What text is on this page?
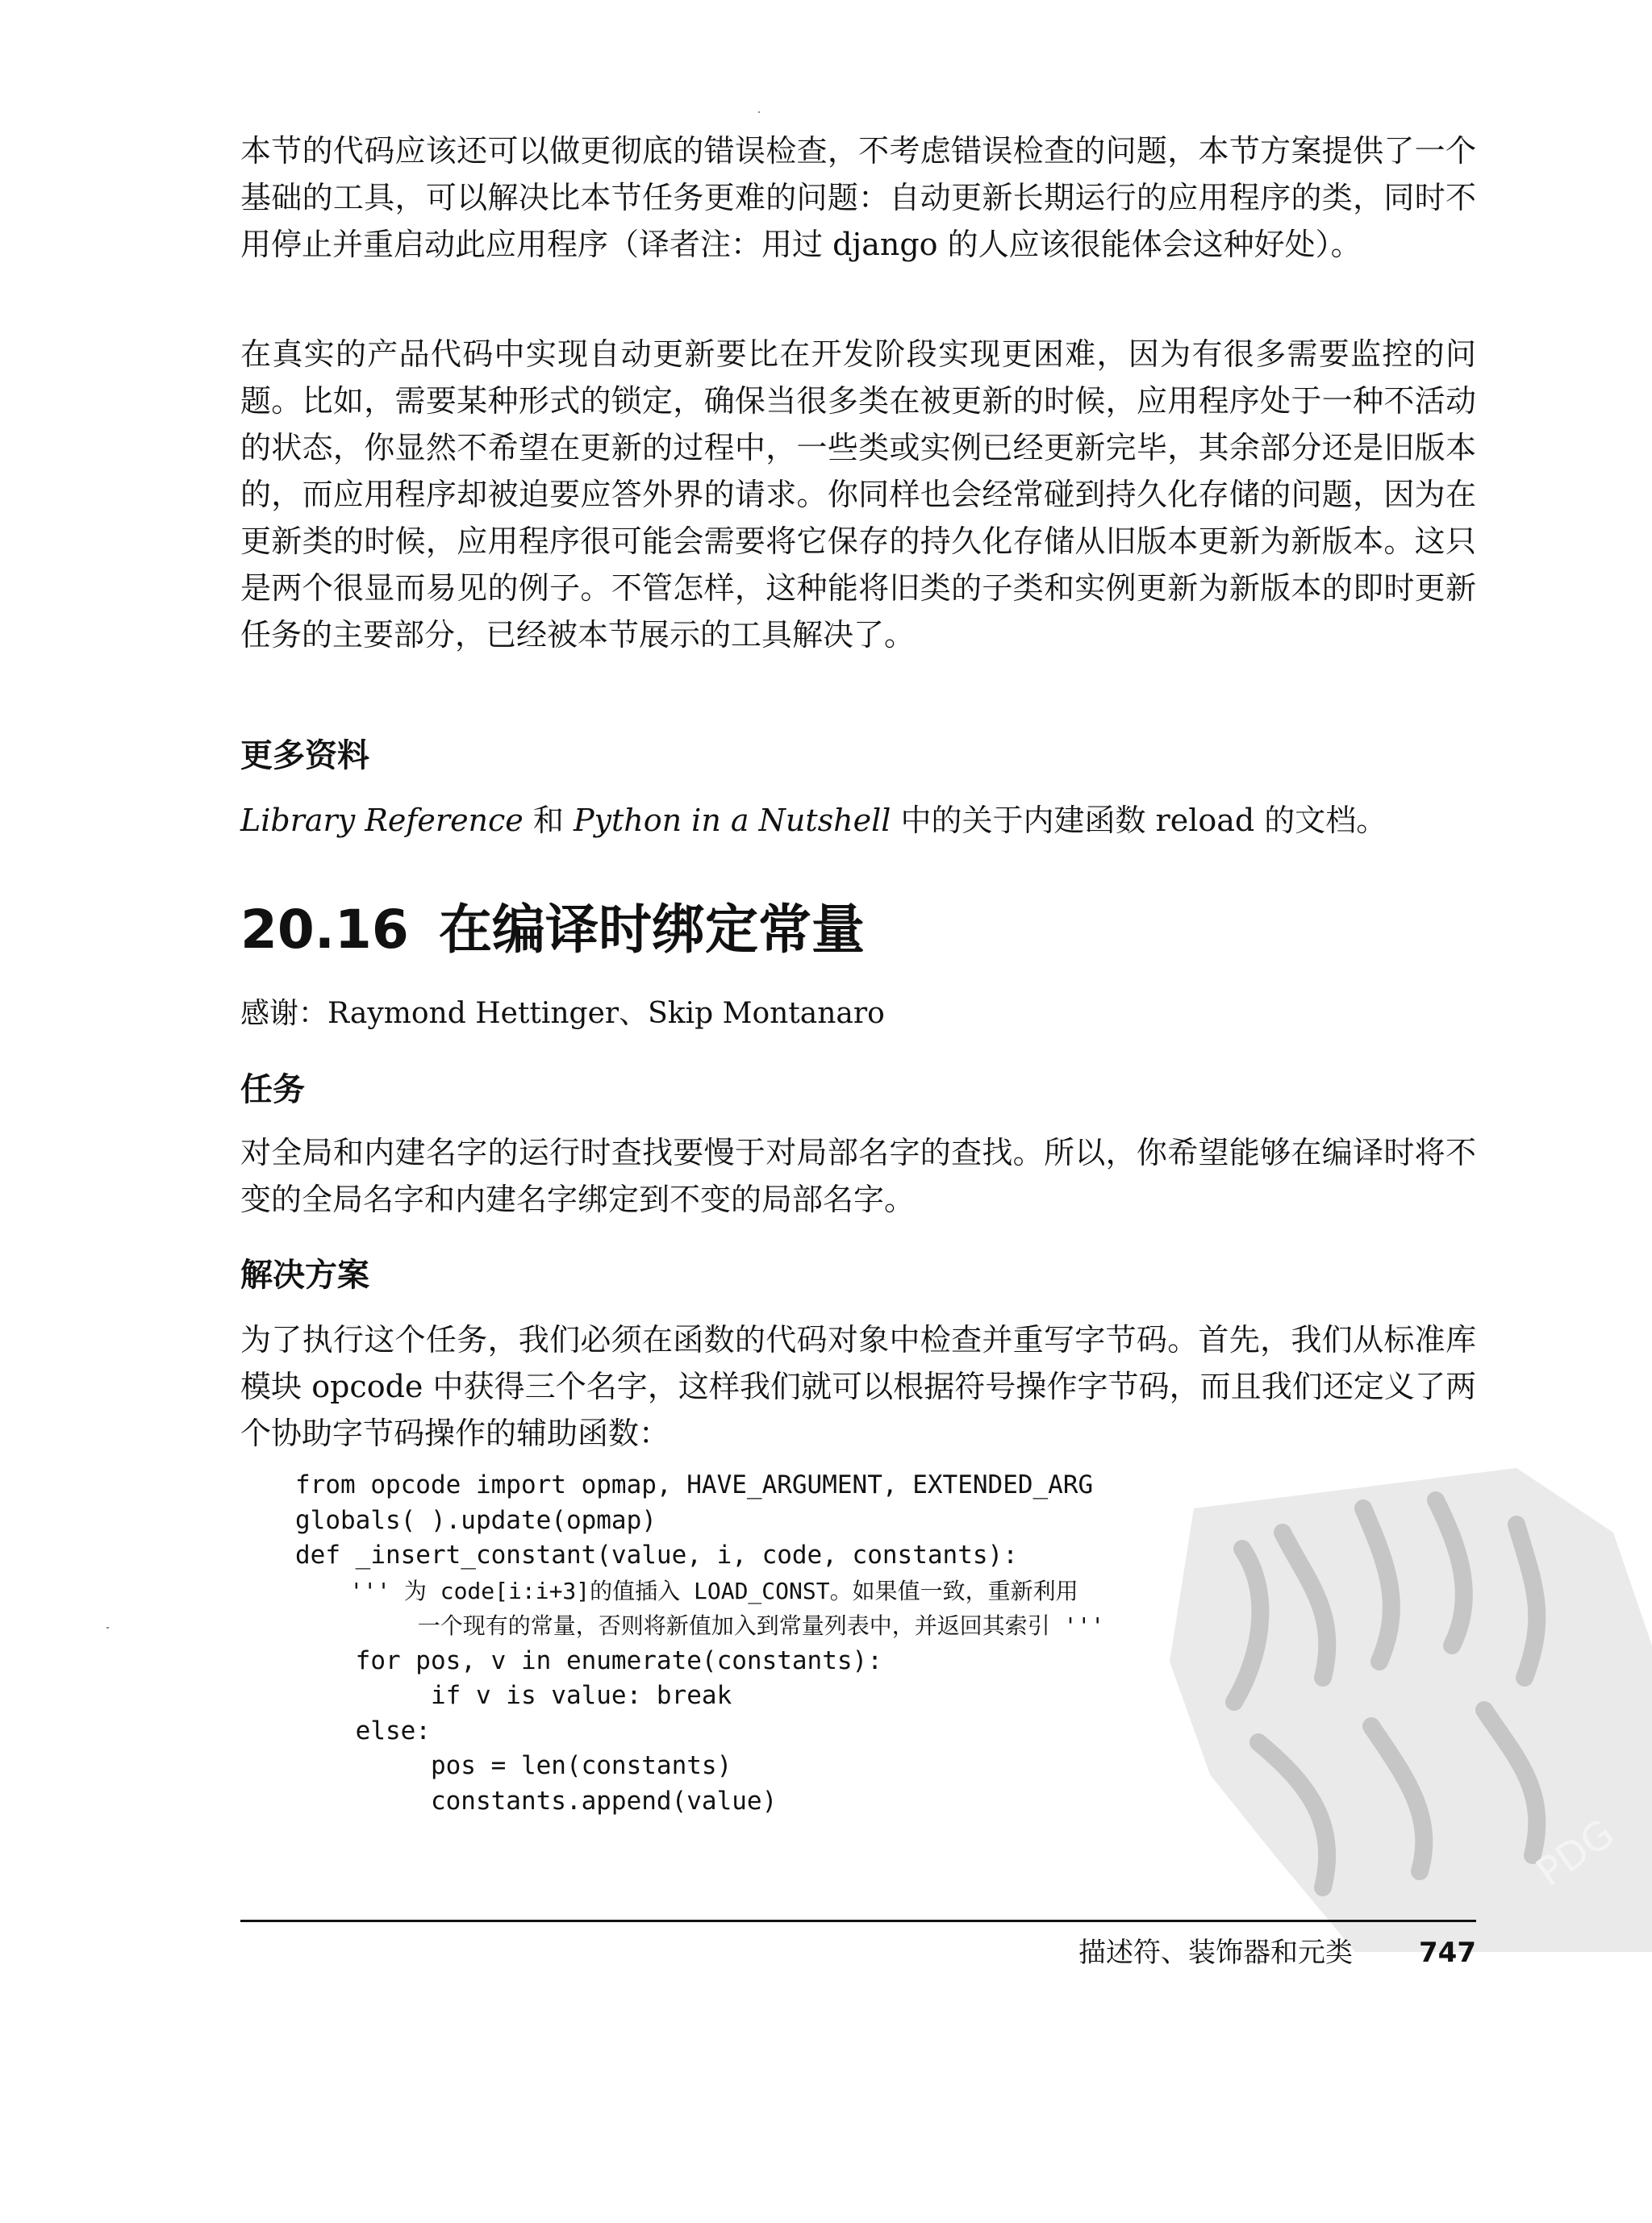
本节的代码应该还可以做更彻底的错误检查，不考虑错误检查的问题，本节方案提供了一个基础的工具，可以解决比本节任务更难的问题：自动更新长期运行的应用程序的类，同时不用停止并重启动此应用程序（译者注：用过 django 的人应该很能体会这种好处）。

在真实的产品代码中实现自动更新要比在开发阶段实现更困难，因为有很多需要监控的问题。比如，需要某种形式的锁定，确保当很多类在被更新的时候，应用程序处于一种不活动的状态，你显然不希望在更新的过程中，一些类或实例已经更新完毕，其余部分还是旧版本的，而应用程序却被迫要应答外界的请求。你同样也会经常碰到持久化存储的问题，因为在更新类的时候，应用程序很可能会需要将它保存的持久化存储从旧版本更新为新版本。这只是两个很显而易见的例子。不管怎样，这种能将旧类的子类和实例更新为新版本的即时更新任务的主要部分，已经被本节展示的工具解决了。

更多资料

Library Reference 和 Python in a Nutshell 中的关于内建函数 reload 的文档。

20.16 在编译时绑定常量
感谢：Raymond Hettinger、Skip Montanaro
任务

对全局和内建名字的运行时查找要慢于对局部名字的查找。所以，你希望能够在编译时将不变的全局名字和内建名字绑定到不变的局部名字。

解决方案

为了执行这个任务，我们必须在函数的代码对象中检查并重写字节码。首先，我们从标准库模块 opcode 中获得三个名字，这样我们就可以根据符号操作字节码，而且我们还定义了两个协助字节码操作的辅助函数：

from opcode import opmap, HAVE_ARGUMENT, EXTENDED_ARG
globals( ).update(opmap)
def _insert_constant(value, i, code, constants):
''' 为 code[i:i+3]的值插入 LOAD_CONST。如果值一致，重新利用
一个现有的常量，否则将新值加入到常量列表中，并返回其索引 '''
for pos, v in enumerate(constants):
if v is value: break
else:
pos = len(constants)
constants.append(value)
PDG
描述符、装饰器和元类 747
